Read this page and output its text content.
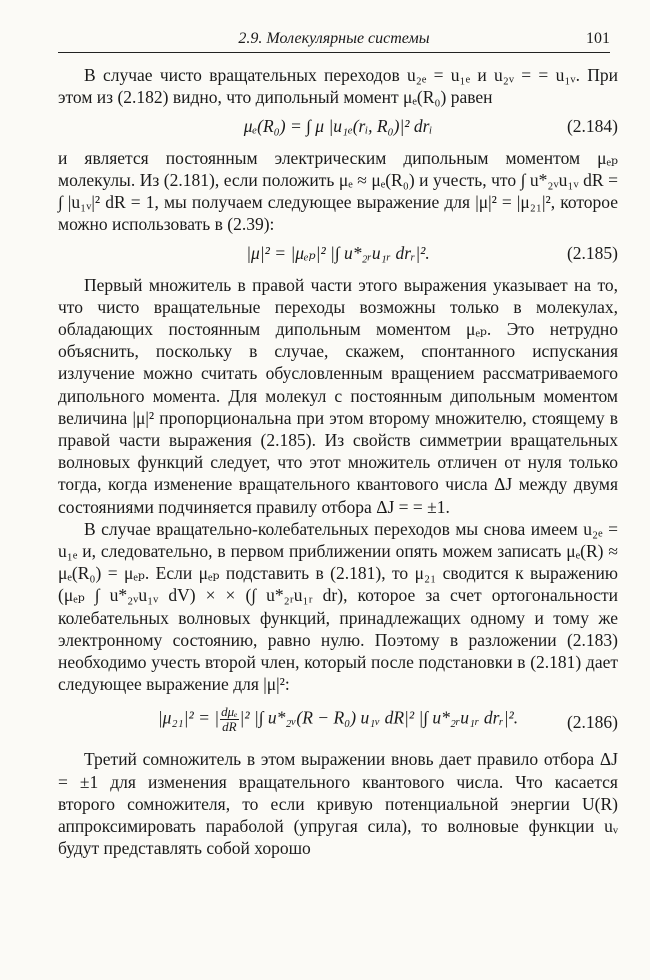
2.9. Молекулярные системы	101

В случае чисто вращательных переходов u₂ₑ = u₁ₑ и u₂ᵥ = = u₁ᵥ. При этом из (2.182) видно, что дипольный момент μₑ(R₀) равен

μₑ(R₀) = ∫ μ |u₁ₑ(rᵢ, R₀)|² drᵢ	(2.184)

и является постоянным электрическим дипольным моментом μₑₚ молекулы. Из (2.181), если положить μₑ ≈ μₑ(R₀) и учесть, что ∫ u*₂ᵥu₁ᵥ dR = ∫ |u₁ᵥ|² dR = 1, мы получаем следующее выражение для |μ|² = |μ₂₁|², которое можно использовать в (2.39):

|μ|² = |μₑₚ|² |∫ u*₂ᵣu₁ᵣ drᵣ|².	(2.185)

Первый множитель в правой части этого выражения указывает на то, что чисто вращательные переходы возможны только в молекулах, обладающих постоянным дипольным моментом μₑₚ. Это нетрудно объяснить, поскольку в случае, скажем, спонтанного испускания излучение можно считать обусловленным вращением рассматриваемого дипольного момента. Для молекул с постоянным дипольным моментом величина |μ|² пропорциональна при этом второму множителю, стоящему в правой части выражения (2.185). Из свойств симметрии вращательных волновых функций следует, что этот множитель отличен от нуля только тогда, когда изменение вращательного квантового числа ΔJ между двумя состояниями подчиняется правилу отбора ΔJ = = ±1.

В случае вращательно-колебательных переходов мы снова имеем u₂ₑ = u₁ₑ и, следовательно, в первом приближении опять можем записать μₑ(R) ≈ μₑ(R₀) = μₑₚ. Если μₑₚ подставить в (2.181), то μ₂₁ сводится к выражению (μₑₚ ∫ u*₂ᵥu₁ᵥ dV) × × (∫ u*₂ᵣu₁ᵣ dr), которое за счет ортогональности колебательных волновых функций, принадлежащих одному и тому же электронному состоянию, равно нулю. Поэтому в разложении (2.183) необходимо учесть второй член, который после подстановки в (2.181) дает следующее выражение для |μ|²:

|μ₂₁|² = | $\frac{\text{dμₑ}}{dR} |^2$ |∫ u*₂ᵥ(R − R₀) u₁ᵥ dR|² |∫ u*₂ᵣu₁ᵣ drᵣ|².	(2.186)

Третий сомножитель в этом выражении вновь дает правило отбора ΔJ = ±1 для изменения вращательного квантового числа. Что касается второго сомножителя, то если кривую потенциальной энергии U(R) аппроксимировать параболой (упругая сила), то волновые функции uᵥ будут представлять собой хорошо
